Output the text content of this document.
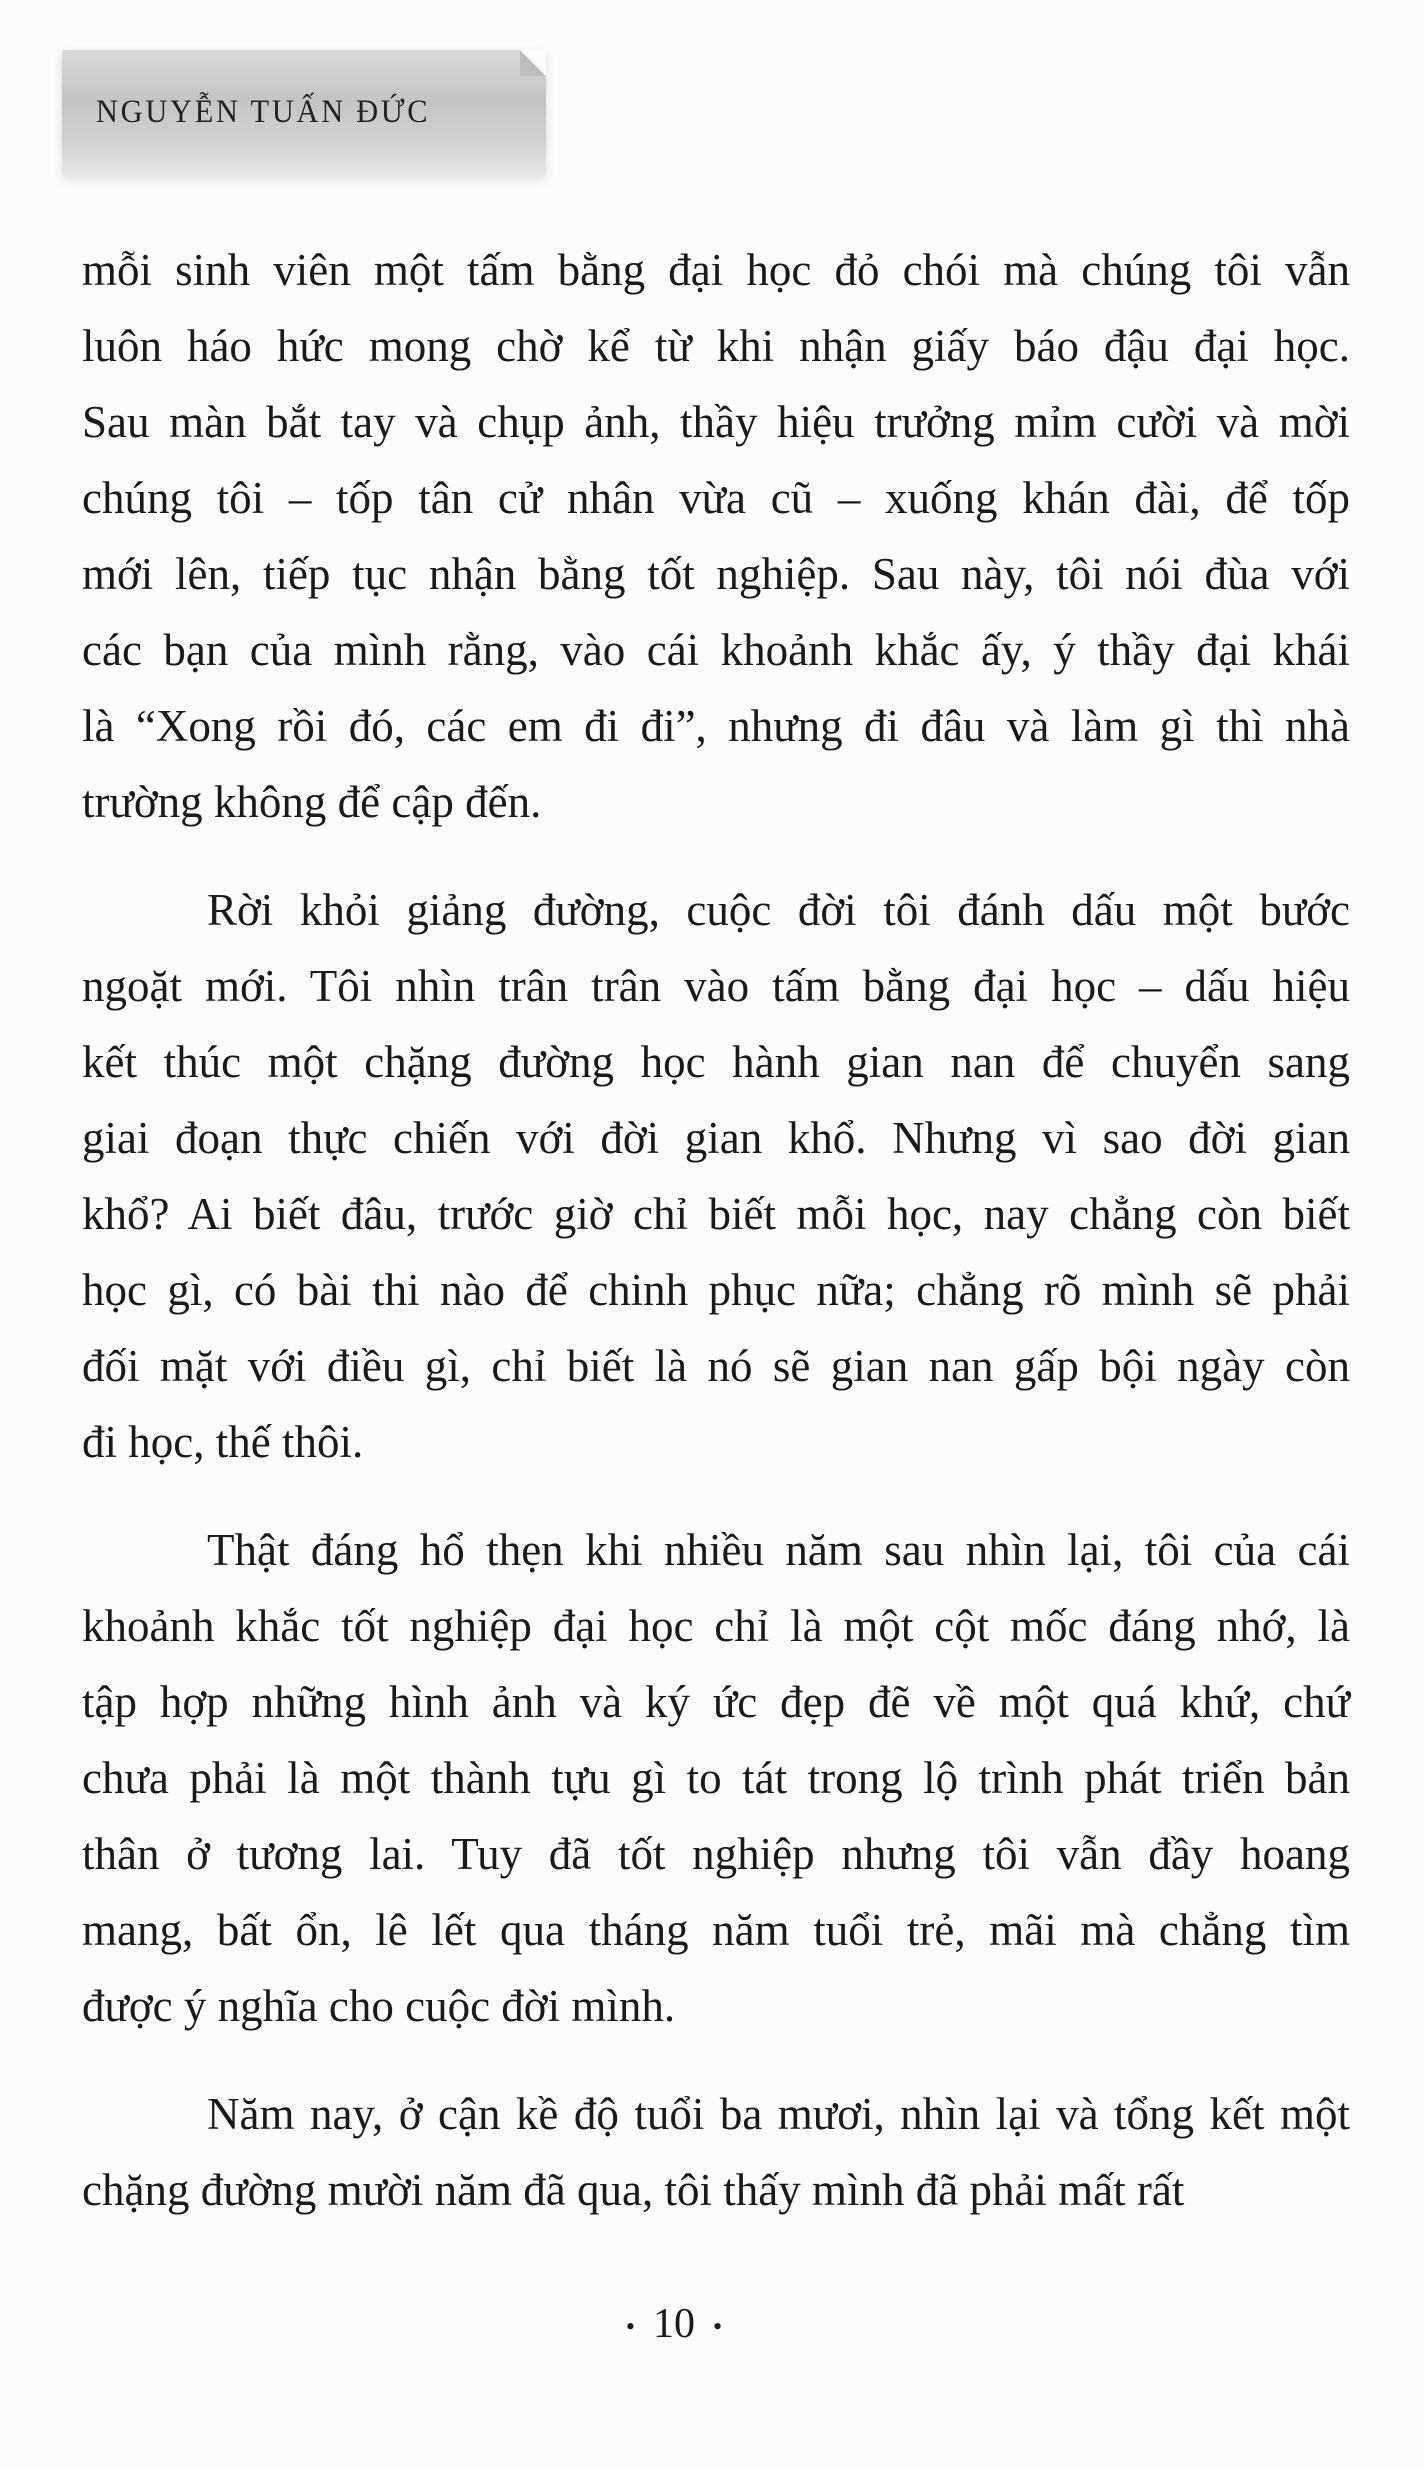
NGUYỄN TUẤN ĐỨC
mỗi sinh viên một tấm bằng đại học đỏ chói mà chúng tôi vẫn
luôn háo hức mong chờ kể từ khi nhận giấy báo đậu đại học.
Sau màn bắt tay và chụp ảnh, thầy hiệu trưởng mỉm cười và mời
chúng tôi – tốp tân cử nhân vừa cũ – xuống khán đài, để tốp
mới lên, tiếp tục nhận bằng tốt nghiệp. Sau này, tôi nói đùa với
các bạn của mình rằng, vào cái khoảnh khắc ấy, ý thầy đại khái
là “Xong rồi đó, các em đi đi”, nhưng đi đâu và làm gì thì nhà
trường không để cập đến.
Rời khỏi giảng đường, cuộc đời tôi đánh dấu một bước
ngoặt mới. Tôi nhìn trân trân vào tấm bằng đại học – dấu hiệu
kết thúc một chặng đường học hành gian nan để chuyển sang
giai đoạn thực chiến với đời gian khổ. Nhưng vì sao đời gian
khổ? Ai biết đâu, trước giờ chỉ biết mỗi học, nay chẳng còn biết
học gì, có bài thi nào để chinh phục nữa; chẳng rõ mình sẽ phải
đối mặt với điều gì, chỉ biết là nó sẽ gian nan gấp bội ngày còn
đi học, thế thôi.
Thật đáng hổ thẹn khi nhiều năm sau nhìn lại, tôi của cái
khoảnh khắc tốt nghiệp đại học chỉ là một cột mốc đáng nhớ, là
tập hợp những hình ảnh và ký ức đẹp đẽ về một quá khứ, chứ
chưa phải là một thành tựu gì to tát trong lộ trình phát triển bản
thân ở tương lai. Tuy đã tốt nghiệp nhưng tôi vẫn đầy hoang
mang, bất ổn, lê lết qua tháng năm tuổi trẻ, mãi mà chẳng tìm
được ý nghĩa cho cuộc đời mình.
Năm nay, ở cận kề độ tuổi ba mươi, nhìn lại và tổng kết một
chặng đường mười năm đã qua, tôi thấy mình đã phải mất rất
• 10 •
